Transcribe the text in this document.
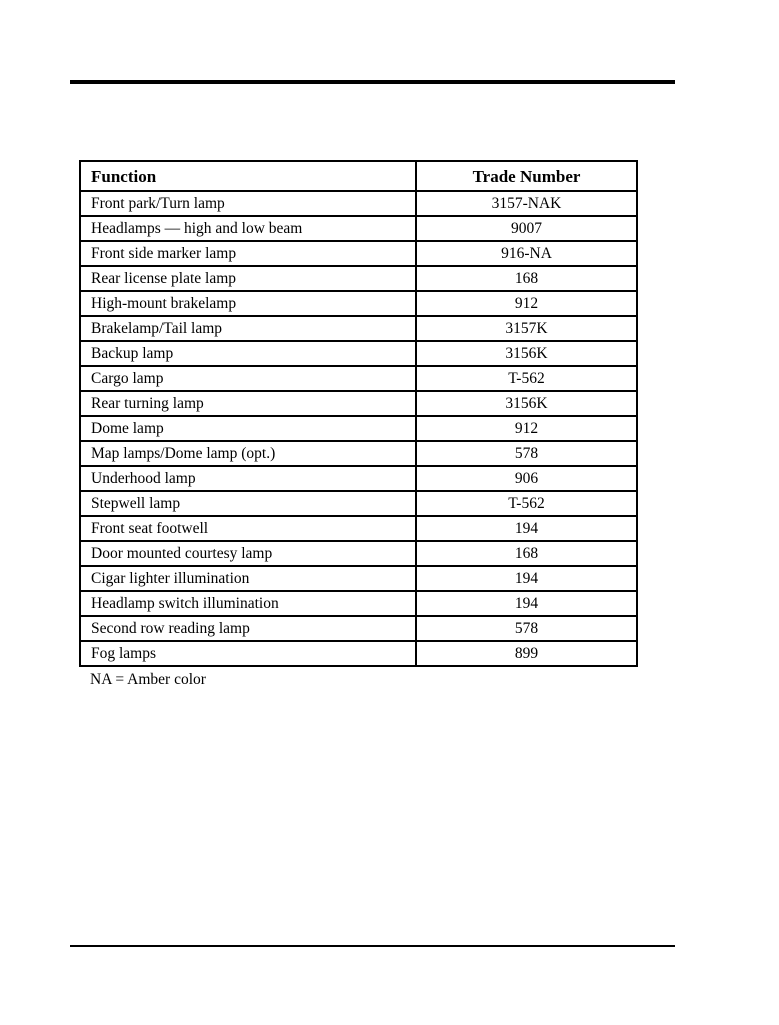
Function	Trade Number
Front park/Turn lamp	3157-NAK
Headlamps — high and low beam	9007
Front side marker lamp	916-NA
Rear license plate lamp	168
High-mount brakelamp	912
Brakelamp/Tail lamp	3157K
Backup lamp	3156K
Cargo lamp	T-562
Rear turning lamp	3156K
Dome lamp	912
Map lamps/Dome lamp (opt.)	578
Underhood lamp	906
Stepwell lamp	T-562
Front seat footwell	194
Door mounted courtesy lamp	168
Cigar lighter illumination	194
Headlamp switch illumination	194
Second row reading lamp	578
Fog lamps	899
NA = Amber color
